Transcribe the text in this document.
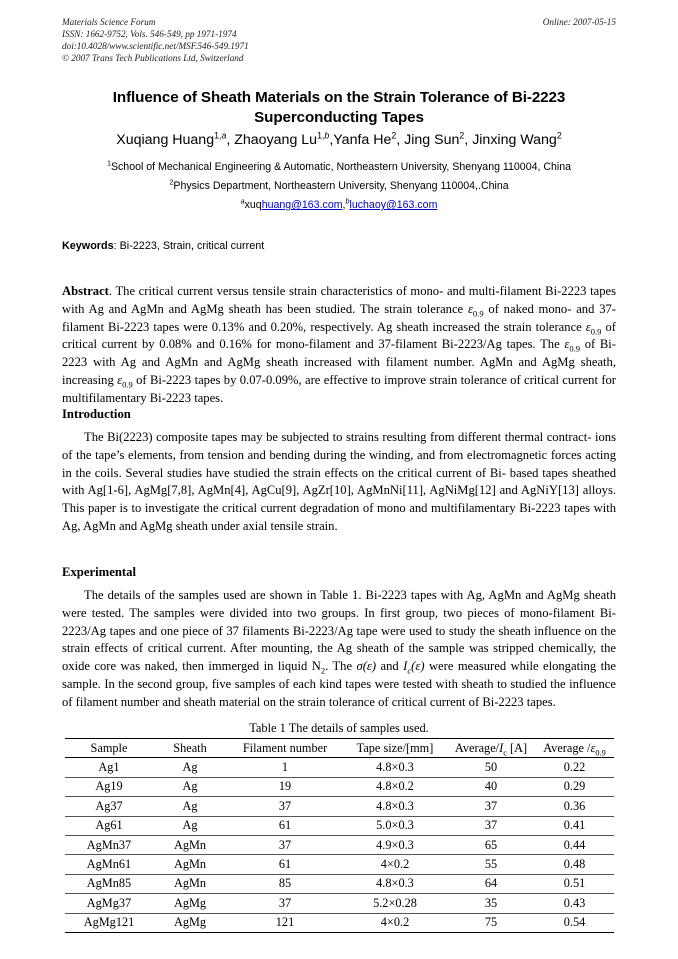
Materials Science Forum
ISSN: 1662-9752, Vols. 546-549, pp 1971-1974
doi:10.4028/www.scientific.net/MSF.546-549.1971
© 2007 Trans Tech Publications Ltd, Switzerland
Online: 2007-05-15
Influence of Sheath Materials on the Strain Tolerance of Bi-2223 Superconducting Tapes
Xuqiang Huang$^{1,a}$, Zhaoyang Lu$^{1,b}$,Yanfa He$^2$, Jing Sun$^2$, Jinxing Wang$^2$
$^1$School of Mechanical Engineering & Automatic, Northeastern University, Shenyang 110004, China
$^2$Physics Department, Northeastern University, Shenyang 110004,.China
$^a$xuqhuang@163.com,$^b$luchaoy@163.com
Keywords: Bi-2223, Strain, critical current
Abstract. The critical current versus tensile strain characteristics of mono- and multi-filament Bi-2223 tapes with Ag and AgMn and AgMg sheath has been studied. The strain tolerance $\varepsilon_{0.9}$ of naked mono- and 37-filament Bi-2223 tapes were 0.13% and 0.20%, respectively. Ag sheath increased the strain tolerance $\varepsilon_{0.9}$ of critical current by 0.08% and 0.16% for mono-filament and 37-filament Bi-2223/Ag tapes. The $\varepsilon_{0.9}$ of Bi-2223 with Ag and AgMn and AgMg sheath increased with filament number. AgMn and AgMg sheath, increasing $\varepsilon_{0.9}$ of Bi-2223 tapes by 0.07-0.09%, are effective to improve strain tolerance of critical current for multifilamentary Bi-2223 tapes.
Introduction
The Bi(2223) composite tapes may be subjected to strains resulting from different thermal contract- ions of the tape’s elements, from tension and bending during the winding, and from electromagnetic forces acting in the coils. Several studies have studied the strain effects on the critical current of Bi- based tapes sheathed with Ag[1-6], AgMg[7,8], AgMn[4], AgCu[9], AgZr[10], AgMnNi[11], AgNiMg[12] and AgNiY[13] alloys. This paper is to investigate the critical current degradation of mono and multifilamentary Bi-2223 tapes with Ag, AgMn and AgMg sheath under axial tensile strain.
Experimental
The details of the samples used are shown in Table 1. Bi-2223 tapes with Ag, AgMn and AgMg sheath were tested. The samples were divided into two groups. In first group, two pieces of mono-filament Bi-2223/Ag tapes and one piece of 37 filaments Bi-2223/Ag tape were used to study the sheath influence on the strain effects of critical current. After mounting, the Ag sheath of the sample was stripped chemically, the oxide core was naked, then immerged in liquid $N_2$. The σ(ε) and $I_c(\varepsilon)$ were measured while elongating the sample. In the second group, five samples of each kind tapes were tested with sheath to studied the influence of filament number and sheath material on the strain tolerance of critical current of Bi-2223 tapes.
Table 1 The details of samples used.
Sample	Sheath	Filament number	Tape size/[mm]	Average/$I_c$ [A]	Average $/\varepsilon_{0.9}$
Ag1	Ag	1	4.8×0.3	50	0.22
Ag19	Ag	19	4.8×0.2	40	0.29
Ag37	Ag	37	4.8×0.3	37	0.36
Ag61	Ag	61	5.0×0.3	37	0.41
AgMn37	AgMn	37	4.9×0.3	65	0.44
AgMn61	AgMn	61	4×0.2	55	0.48
AgMn85	AgMn	85	4.8×0.3	64	0.51
AgMg37	AgMg	37	5.2×0.28	35	0.43
AgMg121	AgMg	121	4×0.2	75	0.54
